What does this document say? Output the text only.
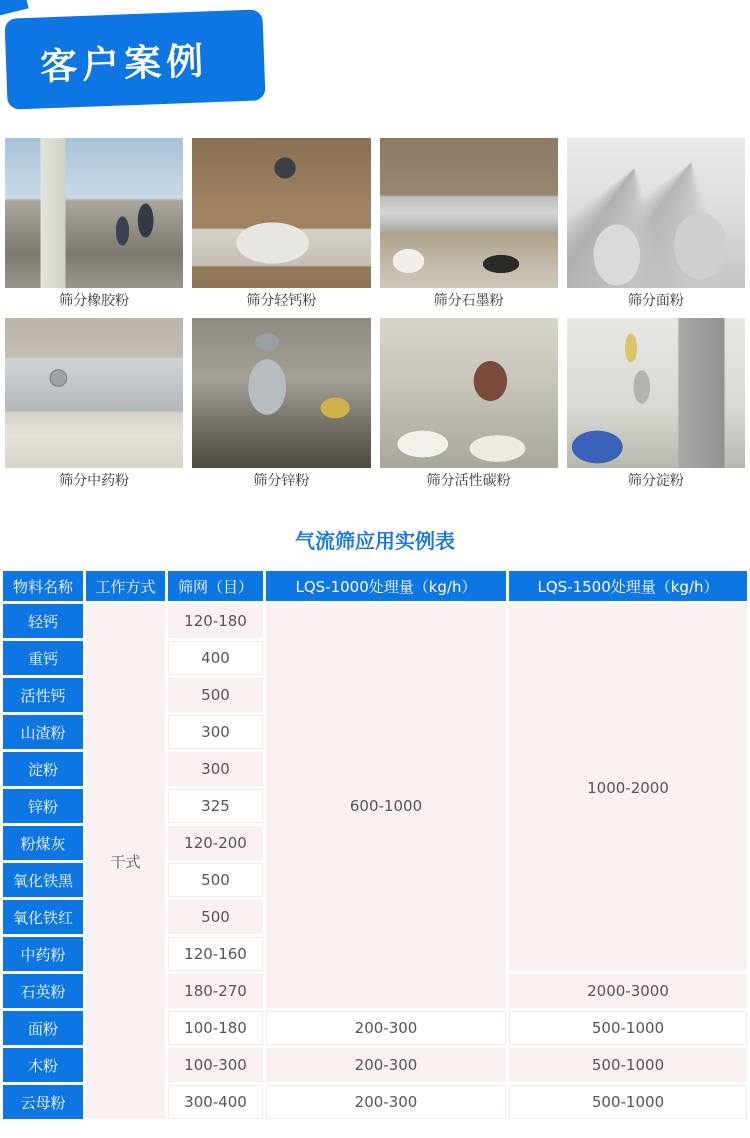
客户案例
筛分橡胶粉	筛分轻钙粉	筛分石墨粉	筛分面粉
筛分中药粉	筛分锌粉	筛分活性碳粉	筛分淀粉
气流筛应用实例表
物料名称	工作方式	筛网（目）	LQS-1000处理量（kg/h）	LQS-1500处理量（kg/h）
轻钙	干式	120-180	600-1000	1000-2000
重钙		400		
活性钙		500		
山渣粉		300		
淀粉		300		
锌粉		325		
粉煤灰		120-200		
氧化铁黑		500		
氧化铁红		500		
中药粉		120-160		
石英粉		180-270		2000-3000
面粉		100-180	200-300	500-1000
木粉		100-300	200-300	500-1000
云母粉		300-400	200-300	500-1000
